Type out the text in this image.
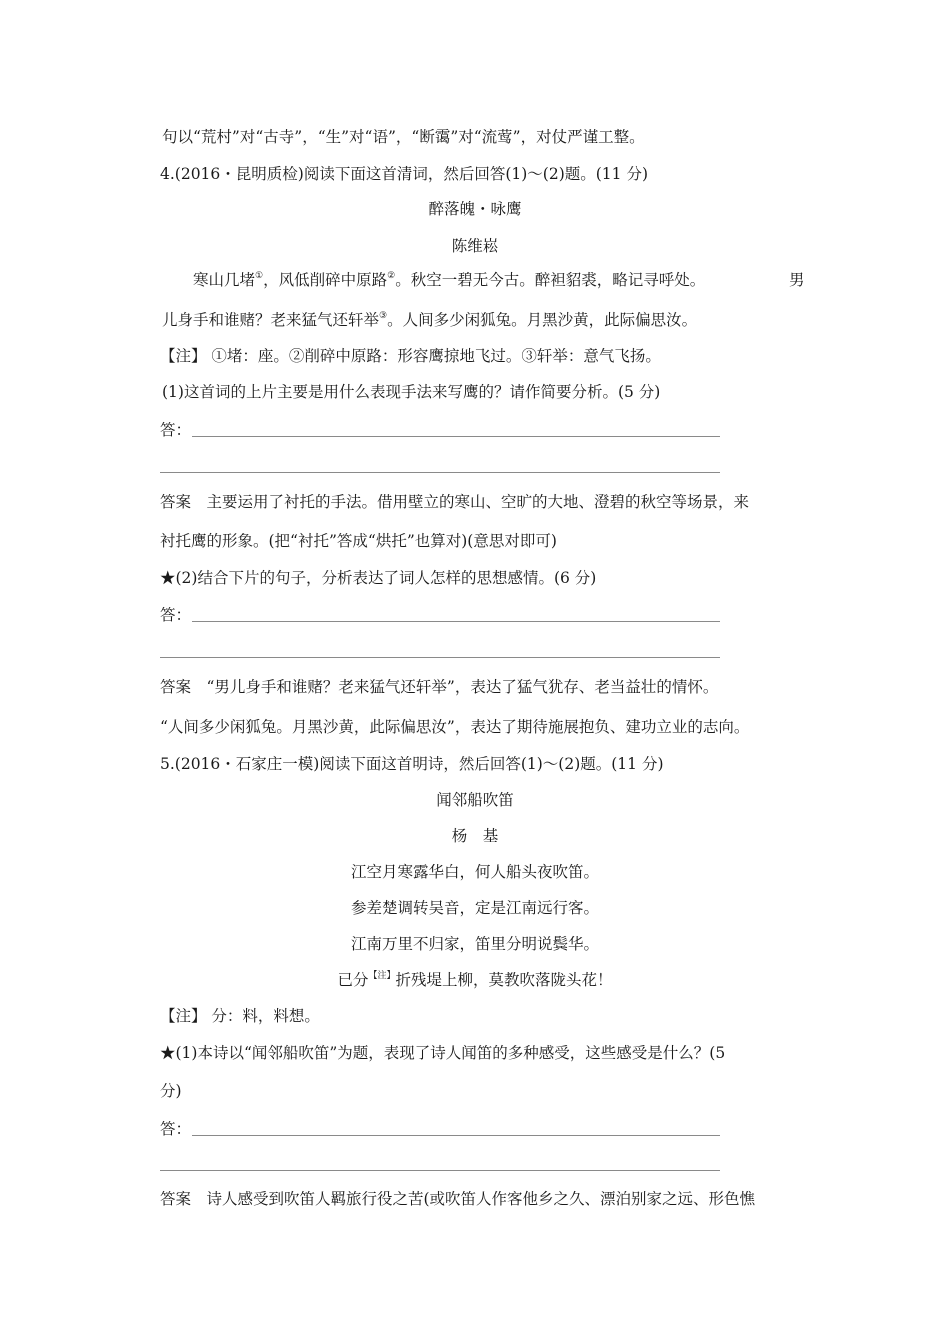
句以“荒村”对“古寺”，“生”对“语”，“断霭”对“流莺”，对仗严谨工整。
4.(2016・昆明质检)阅读下面这首清词，然后回答(1)～(2)题。(11 分)
醉落魄・咏鹰
陈维崧
寒山几堵①，风低削碎中原路②。秋空一碧无今古。醉袒貂裘，略记寻呼处。	男
儿身手和谁赌？老来猛气还轩举③。人间多少闲狐兔。月黑沙黄，此际偏思汝。
【注】 ①堵：座。②削碎中原路：形容鹰掠地飞过。③轩举：意气飞扬。
(1)这首词的上片主要是用什么表现手法来写鹰的？请作简要分析。(5 分)
答：
答案　主要运用了衬托的手法。借用壁立的寒山、空旷的大地、澄碧的秋空等场景，来
衬托鹰的形象。(把“衬托”答成“烘托”也算对)(意思对即可)
★(2)结合下片的句子，分析表达了词人怎样的思想感情。(6 分)
答：
答案　“男儿身手和谁赌？老来猛气还轩举”，表达了猛气犹存、老当益壮的情怀。
“人间多少闲狐兔。月黑沙黄，此际偏思汝”，表达了期待施展抱负、建功立业的志向。
5.(2016・石家庄一模)阅读下面这首明诗，然后回答(1)～(2)题。(11 分)
闻邻船吹笛
杨　基
江空月寒露华白，何人船头夜吹笛。
参差楚调转吴音，定是江南远行客。
江南万里不归家，笛里分明说鬓华。
已分$^{【注】}$折残堤上柳，莫教吹落陇头花！
【注】 分：料，料想。
★(1)本诗以“闻邻船吹笛”为题，表现了诗人闻笛的多种感受，这些感受是什么？(5
分)
答：
答案　诗人感受到吹笛人羁旅行役之苦(或吹笛人作客他乡之久、漂泊别家之远、形色憔
